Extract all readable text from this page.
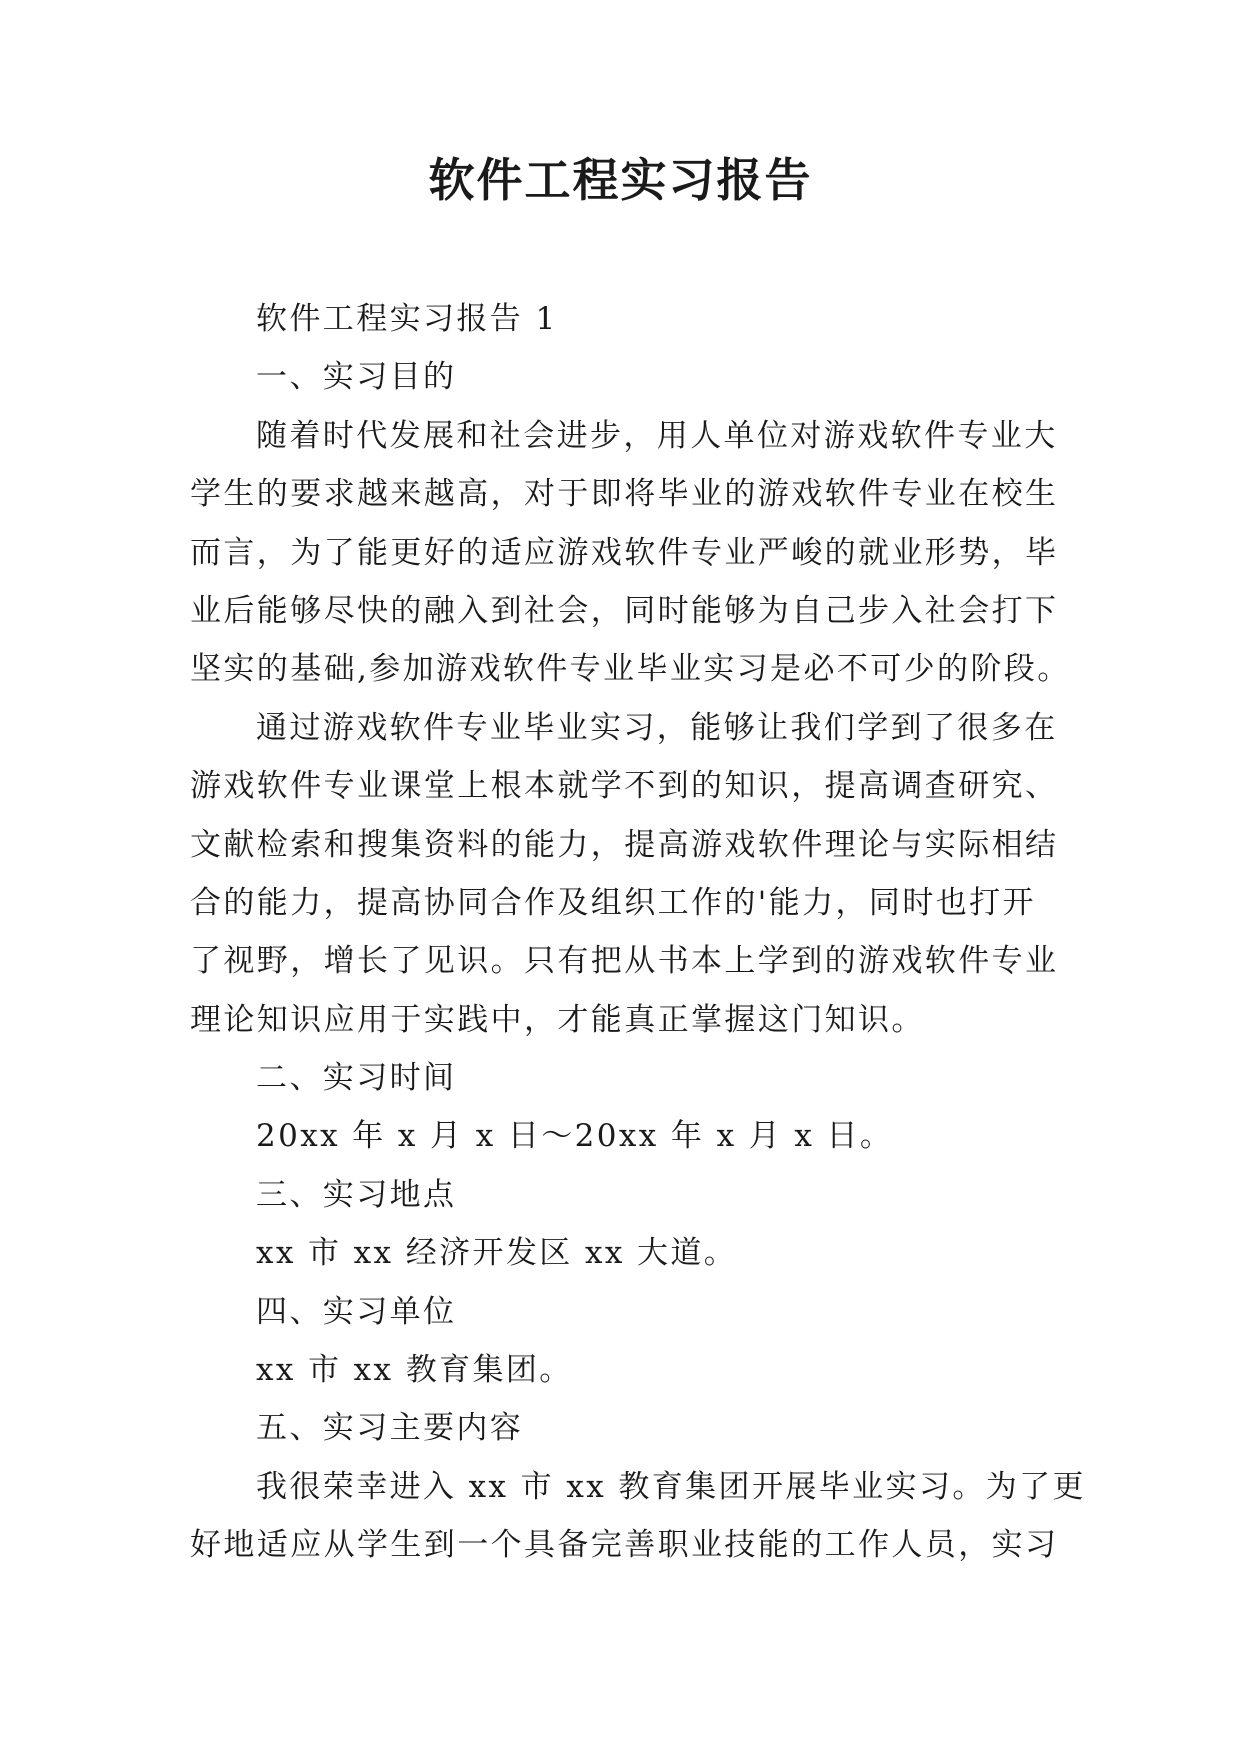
软件工程实习报告
软件工程实习报告 1
一、实习目的
随着时代发展和社会进步，用人单位对游戏软件专业大
学生的要求越来越高，对于即将毕业的游戏软件专业在校生
而言，为了能更好的适应游戏软件专业严峻的就业形势，毕
业后能够尽快的融入到社会，同时能够为自己步入社会打下
坚实的基础,参加游戏软件专业毕业实习是必不可少的阶段。
通过游戏软件专业毕业实习，能够让我们学到了很多在
游戏软件专业课堂上根本就学不到的知识，提高调查研究、
文献检索和搜集资料的能力，提高游戏软件理论与实际相结
合的能力，提高协同合作及组织工作的'能力，同时也打开
了视野，增长了见识。只有把从书本上学到的游戏软件专业
理论知识应用于实践中，才能真正掌握这门知识。
二、实习时间
20xx 年 x 月 x 日～20xx 年 x 月 x 日。
三、实习地点
xx 市 xx 经济开发区 xx 大道。
四、实习单位
xx 市 xx 教育集团。
五、实习主要内容
我很荣幸进入 xx 市 xx 教育集团开展毕业实习。为了更
好地适应从学生到一个具备完善职业技能的工作人员，实习
